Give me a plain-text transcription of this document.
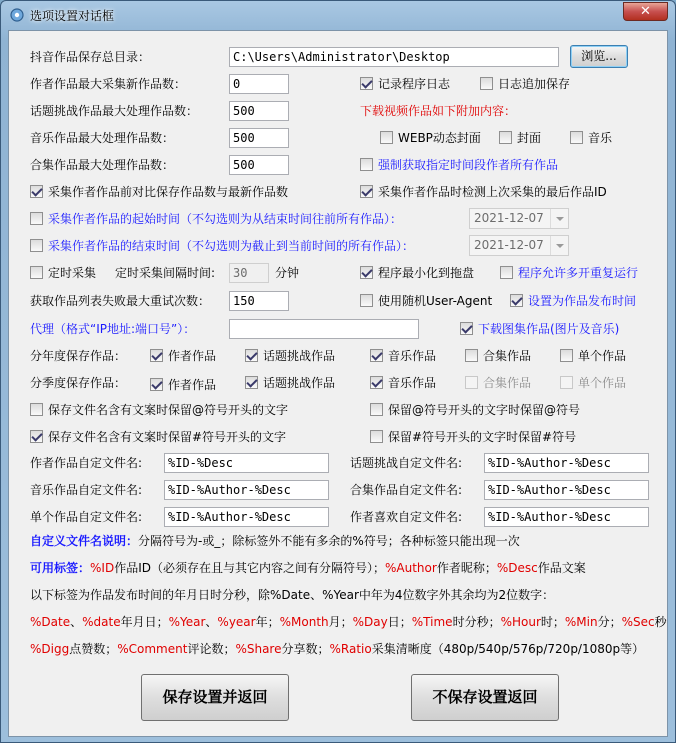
选项设置对话框	✕
抖音作品保存总目录：	C:\Users\Administrator\Desktop	浏览...
作者作品最大采集新作品数：	0	记录程序日志	日志追加保存
话题挑战作品最大处理作品数：	500	下载视频作品如下附加内容：
音乐作品最大处理作品数：	500	WEBP动态封面	封面	音乐
合集作品最大处理作品数：	500	强制获取指定时间段作者所有作品
采集作者作品前对比保存作品数与最新作品数	采集作者作品时检测上次采集的最后作品ID
采集作者作品的起始时间（不勾选则为从结束时间往前所有作品）：	2021-12-07
采集作者作品的结束时间（不勾选则为截止到当前时间的所有作品）：	2021-12-07
定时采集 定时采集间隔时间:	30	分钟	程序最小化到拖盘	程序允许多开重复运行
获取作品列表失败最大重试次数：	150	使用随机User-Agent	设置为作品发布时间
代理（格式“IP地址:端口号”）：	下载图集作品(图片及音乐)
分年度保存作品：	作者作品	话题挑战作品	音乐作品	合集作品	单个作品
分季度保存作品：	作者作品	话题挑战作品	音乐作品	合集作品	单个作品
保存文件名含有文案时保留@符号开头的文字	保留@符号开头的文字时保留@符号
保存文件名含有文案时保留#符号开头的文字	保留#符号开头的文字时保留#符号
作者作品自定文件名:	%ID-%Desc	话题挑战自定文件名:	%ID-%Author-%Desc
音乐作品自定文件名:	%ID-%Author-%Desc	合集作品自定文件名:	%ID-%Author-%Desc
单个作品自定文件名:	%ID-%Author-%Desc	作者喜欢自定文件名:	%ID-%Author-%Desc
自定义文件名说明：分隔符号为-或_；除标签外不能有多余的%符号；各种标签只能出现一次
可用标签：%ID作品ID（必须存在且与其它内容之间有分隔符号）；%Author作者昵称；%Desc作品文案
以下标签为作品发布时间的年月日时分秒，除%Date、%Year中年为4位数字外其余均为2位数字：
%Date、%date年月日；%Year、%year年；%Month月；%Day日；%Time时分秒；%Hour时；%Min分；%Sec秒
%Digg点赞数；%Comment评论数；%Share分享数；%Ratio采集清晰度（480p/540p/576p/720p/1080p等）
保存设置并返回	不保存设置返回
